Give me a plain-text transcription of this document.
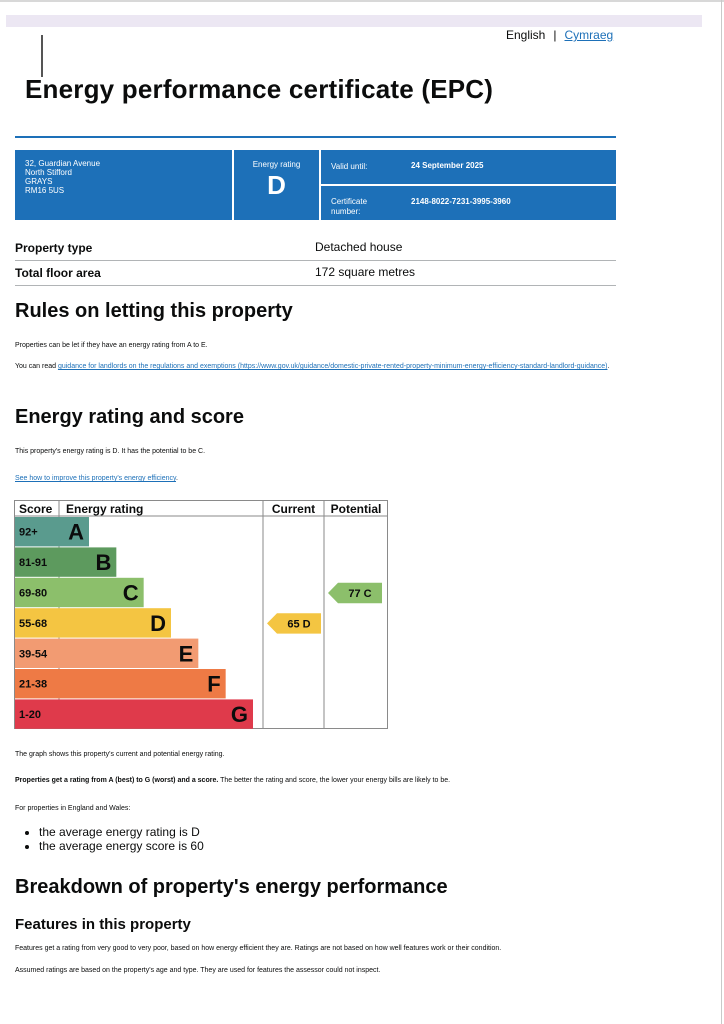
English | Cymraeg
Energy performance certificate (EPC)
32, Guardian Avenue
North Stifford
GRAYS
RM16 5US
Energy rating
D
Valid until:	24 September 2025
Certificate number:
2148-8022-7231-3995-3960
Property type	Detached house
Total floor area	172 square metres
Rules on letting this property
Properties can be let if they have an energy rating from A to E.
You can read guidance for landlords on the regulations and exemptions (https://www.gov.uk/guidance/domestic-private-rented-property-minimum-energy-efficiency-standard-landlord-guidance).
Energy rating and score
This property's energy rating is D. It has the potential to be C.
See how to improve this property's energy efficiency.
Score Energy rating	Current Potential
92+ A
81-91 B
69-80	C
55-68	D
39-54	E
21-38	F
1-20	G
65 D
77 C
The graph shows this property's current and potential energy rating.
Properties get a rating from A (best) to G (worst) and a score. The better the rating and score, the lower your energy bills are likely to be.
For properties in England and Wales:
• the average energy rating is D
• the average energy score is 60
Breakdown of property's energy performance
Features in this property
Features get a rating from very good to very poor, based on how energy efficient they are. Ratings are not based on how well features work or their condition.
Assumed ratings are based on the property's age and type. They are used for features the assessor could not inspect.
